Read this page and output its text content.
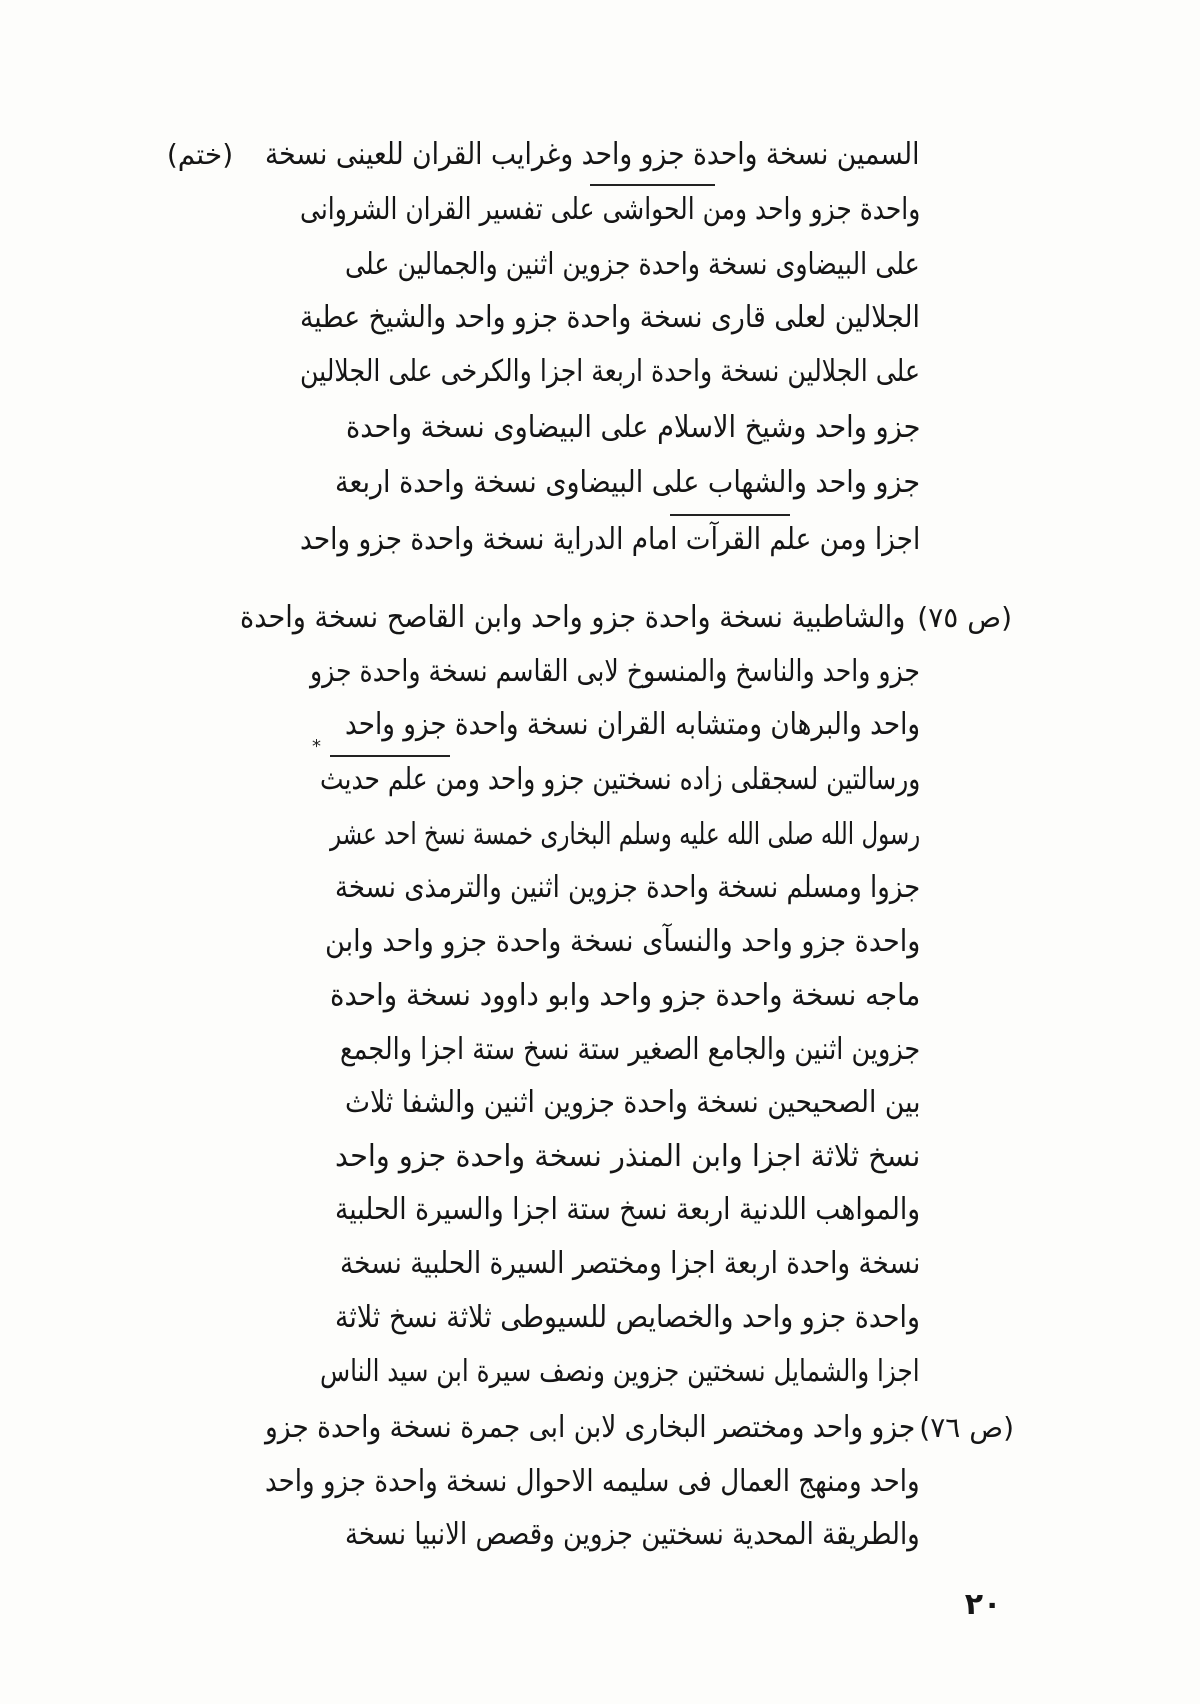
(ختم) السمين نسخة واحدة جزو واحد وغرايب القران للعينى نسخة
واحدة جزو واحد ومن الحواشى على تفسير القران الشروانى
على البيضاوى نسخة واحدة جزوين اثنين والجمالين على
الجلالين لعلى قارى نسخة واحدة جزو واحد والشيخ عطية
على الجلالين نسخة واحدة اربعة اجزا والكرخى على الجلالين
جزو واحد وشيخ الاسلام على البيضاوى نسخة واحدة
جزو واحد والشهاب على البيضاوى نسخة واحدة اربعة
اجزا ومن علم القرآت امام الدراية نسخة واحدة جزو واحد
(ص ٧٥)
والشاطبية نسخة واحدة جزو واحد وابن القاصح نسخة واحدة
جزو واحد والناسخ والمنسوخ لابى القاسم نسخة واحدة جزو
واحد والبرهان ومتشابه القران نسخة واحدة جزو واحد
*
ورسالتين لسجقلى زاده نسختين جزو واحد ومن علم حديث
رسول الله صلى الله عليه وسلم البخارى خمسة نسخ احد عشر
جزوا ومسلم نسخة واحدة جزوين اثنين والترمذى نسخة
واحدة جزو واحد والنسآى نسخة واحدة جزو واحد وابن
ماجه نسخة واحدة جزو واحد وابو داوود نسخة واحدة
جزوين اثنين والجامع الصغير ستة نسخ ستة اجزا والجمع
بين الصحيحين نسخة واحدة جزوين اثنين والشفا ثلاث
نسخ ثلاثة اجزا وابن المنذر نسخة واحدة جزو واحد
والمواهب اللدنية اربعة نسخ ستة اجزا والسيرة الحلبية
نسخة واحدة اربعة اجزا ومختصر السيرة الحلبية نسخة
واحدة جزو واحد والخصايص للسيوطى ثلاثة نسخ ثلاثة
اجزا والشمايل نسختين جزوين ونصف سيرة ابن سيد الناس
(ص ٧٦)
جزو واحد ومختصر البخارى لابن ابى جمرة نسخة واحدة جزو
واحد ومنهج العمال فى سليمه الاحوال نسخة واحدة جزو واحد
والطريقة المحدية نسختين جزوين وقصص الانبيا نسخة
٢٠
